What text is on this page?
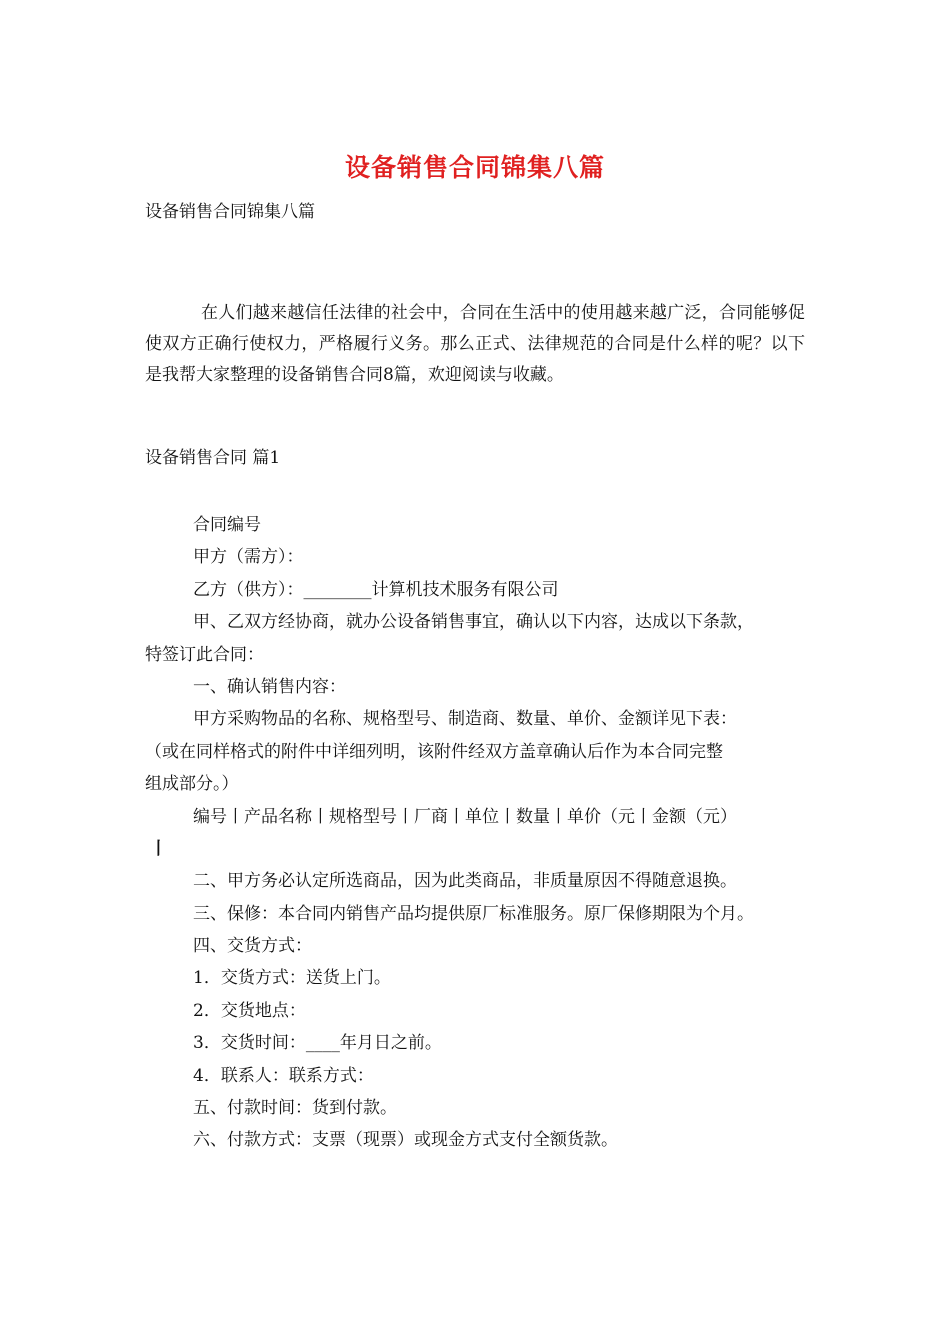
设备销售合同锦集八篇
设备销售合同锦集八篇
在人们越来越信任法律的社会中，合同在生活中的使用越来越广泛，合同能够促使双方正确行使权力，严格履行义务。那么正式、法律规范的合同是什么样的呢？以下是我帮大家整理的设备销售合同8篇，欢迎阅读与收藏。
设备销售合同 篇1
合同编号
甲方（需方）：
乙方（供方）：________计算机技术服务有限公司
甲、乙双方经协商，就办公设备销售事宜，确认以下内容，达成以下条款，
特签订此合同：
一、确认销售内容：
甲方采购物品的名称、规格型号、制造商、数量、单价、金额详见下表：
（或在同样格式的附件中详细列明，该附件经双方盖章确认后作为本合同完整
组成部分。）
编号丨产品名称丨规格型号丨厂商丨单位丨数量丨单价（元丨金额（元）
丨
二、甲方务必认定所选商品，因为此类商品，非质量原因不得随意退换。
三、保修：本合同内销售产品均提供原厂标准服务。原厂保修期限为个月。
四、交货方式：
1．交货方式：送货上门。
2．交货地点：
3．交货时间：____年月日之前。
4．联系人：联系方式：
五、付款时间：货到付款。
六、付款方式：支票（现票）或现金方式支付全额货款。
